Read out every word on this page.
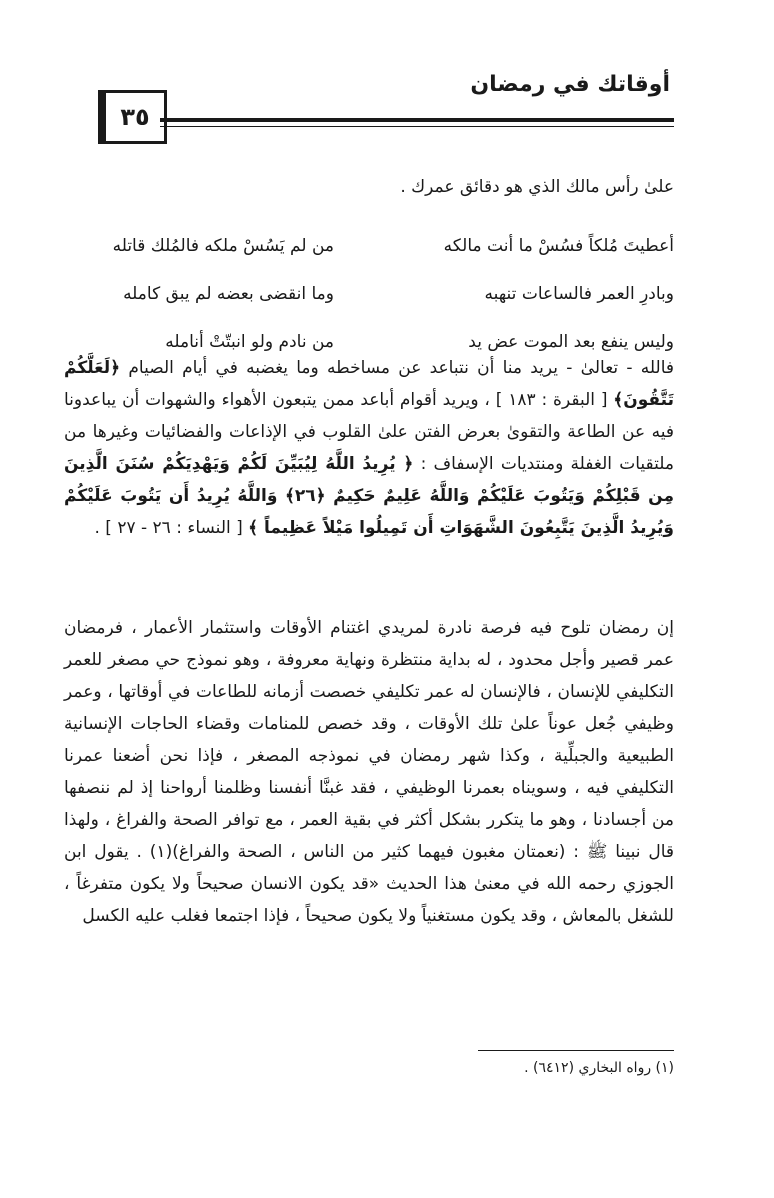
أوقاتك في رمضان
٣٥
علىٰ رأس مالك الذي هو دقائق عمرك .
أعطيتَ مُلكاً فسُسْ ما أنت مالكه
من لم يَسُسْ ملكه فالمُلك قاتله
وبادرِ العمر فالساعات تنهبه
وما انقضى بعضه لم يبق كامله
وليس ينفع بعد الموت عض يد
من نادم ولو انبتّتْ أنامله
فالله - تعالىٰ - يريد منا أن نتباعد عن مساخطه وما يغضبه في أيام الصيام ﴿لَعَلَّكُمْ تَتَّقُونَ﴾ [ البقرة : ١٨٣ ] ، ويريد أقوام أباعد ممن يتبعون الأهواء والشهوات أن يباعدونا فيه عن الطاعة والتقوىٰ بعرض الفتن علىٰ القلوب في الإذاعات والفضائيات وغيرها من ملتقيات الغفلة ومنتديات الإسفاف : ﴿ يُرِيدُ اللَّهُ لِيُبَيِّنَ لَكُمْ وَيَهْدِيَكُمْ سُنَنَ الَّذِينَ مِن قَبْلِكُمْ وَيَتُوبَ عَلَيْكُمْ وَاللَّهُ عَلِيمٌ حَكِيمٌ ﴿٢٦﴾ وَاللَّهُ يُرِيدُ أَن يَتُوبَ عَلَيْكُمْ وَيُرِيدُ الَّذِينَ يَتَّبِعُونَ الشَّهَوَاتِ أَن تَمِيلُوا مَيْلاً عَظِيماً ﴾ [ النساء : ٢٦ - ٢٧ ] .
إن رمضان تلوح فيه فرصة نادرة لمريدي اغتنام الأوقات واستثمار الأعمار ، فرمضان عمر قصير وأجل محدود ، له بداية منتظرة ونهاية معروفة ، وهو نموذج حي مصغر للعمر التكليفي للإنسان ، فالإنسان له عمر تكليفي خصصت أزمانه للطاعات في أوقاتها ، وعمر وظيفي جُعل عوناً علىٰ تلك الأوقات ، وقد خصص للمنامات وقضاء الحاجات الإنسانية الطبيعية والجبلِّية ، وكذا شهر رمضان في نموذجه المصغر ، فإذا نحن أضعنا عمرنا التكليفي فيه ، وسويناه بعمرنا الوظيفي ، فقد غبنَّا أنفسنا وظلمنا أرواحنا إذ لم ننصفها من أجسادنا ، وهو ما يتكرر بشكل أكثر في بقية العمر ، مع توافر الصحة والفراغ ، ولهذا قال نبينا ﷺ : (نعمتان مغبون فيهما كثير من الناس ، الصحة والفراغ)(١) . يقول ابن الجوزي رحمه الله في معنىٰ هذا الحديث «قد يكون الانسان صحيحاً ولا يكون متفرغاً ، للشغل بالمعاش ، وقد يكون مستغنياً ولا يكون صحيحاً ، فإذا اجتمعا فغلب عليه الكسل
(١) رواه البخاري (٦٤١٢) .
